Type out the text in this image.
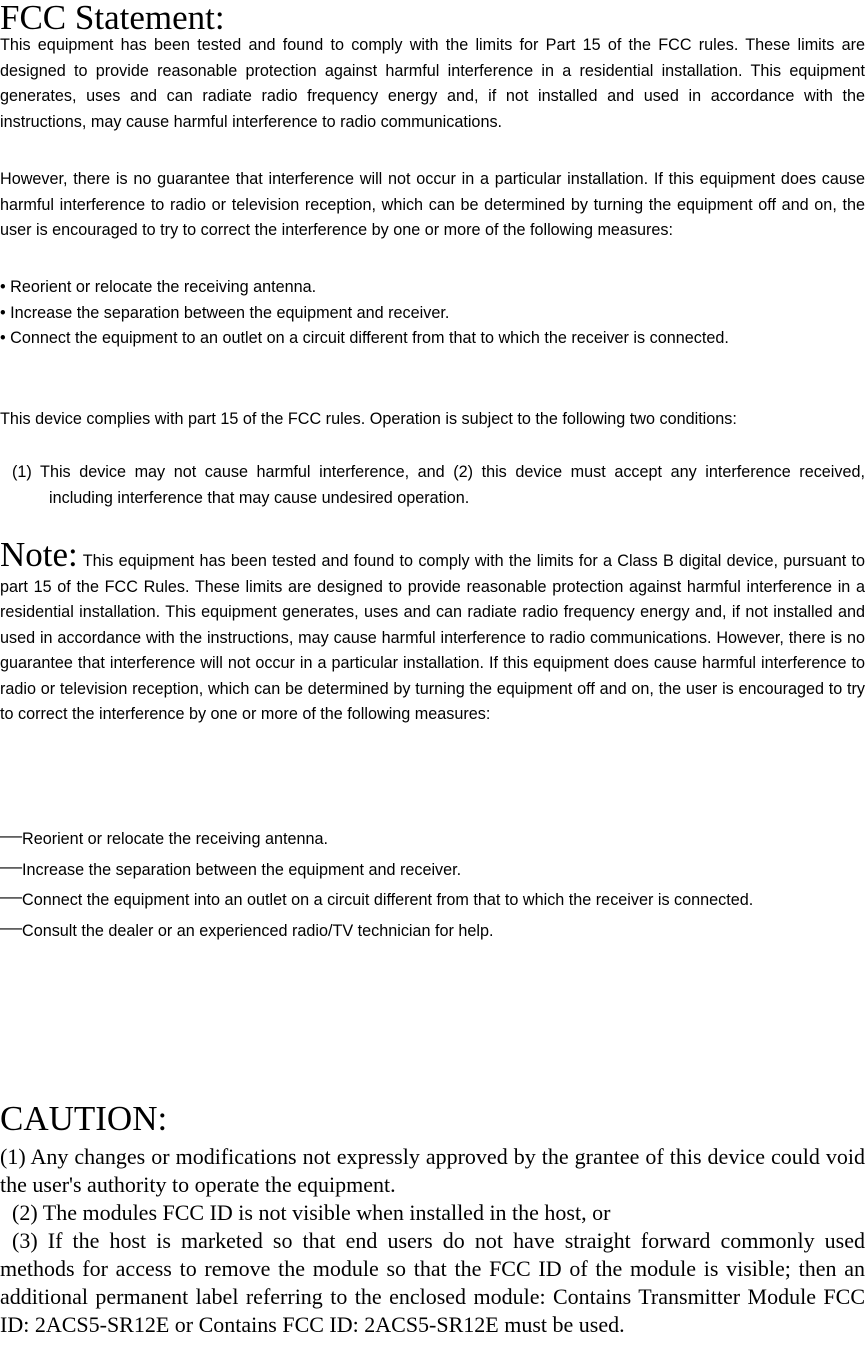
FCC Statement:

This equipment has been tested and found to comply with the limits for Part 15 of the FCC rules. These limits are designed to provide reasonable protection against harmful interference in a residential installation. This equipment generates, uses and can radiate radio frequency energy and, if not installed and used in accordance with the instructions, may cause harmful interference to radio communications.

However, there is no guarantee that interference will not occur in a particular installation. If this equipment does cause harmful interference to radio or television reception, which can be determined by turning the equipment off and on, the user is encouraged to try to correct the interference by one or more of the following measures:

• Reorient or relocate the receiving antenna.

• Increase the separation between the equipment and receiver.

• Connect the equipment to an outlet on a circuit different from that to which the receiver is connected.

This device complies with part 15 of the FCC rules. Operation is subject to the following two conditions:

(1) This device may not cause harmful interference, and (2) this device must accept any interference received, including interference that may cause undesired operation.

Note: This equipment has been tested and found to comply with the limits for a Class B digital device, pursuant to part 15 of the FCC Rules. These limits are designed to provide reasonable protection against harmful interference in a residential installation. This equipment generates, uses and can radiate radio frequency energy and, if not installed and used in accordance with the instructions, may cause harmful interference to radio communications. However, there is no guarantee that interference will not occur in a particular installation. If this equipment does cause harmful interference to radio or television reception, which can be determined by turning the equipment off and on, the user is encouraged to try to correct the interference by one or more of the following measures:

—Reorient or relocate the receiving antenna.

—Increase the separation between the equipment and receiver.

—Connect the equipment into an outlet on a circuit different from that to which the receiver is connected.

—Consult the dealer or an experienced radio/TV technician for help.

CAUTION:

(1) Any changes or modifications not expressly approved by the grantee of this device could void the user's authority to operate the equipment.

(2) The modules FCC ID is not visible when installed in the host, or

(3) If the host is marketed so that end users do not have straight forward commonly used methods for access to remove the module so that the FCC ID of the module is visible; then an additional permanent label referring to the enclosed module: Contains Transmitter Module FCC ID: 2ACS5-SR12E or Contains FCC ID: 2ACS5-SR12E must be used.
